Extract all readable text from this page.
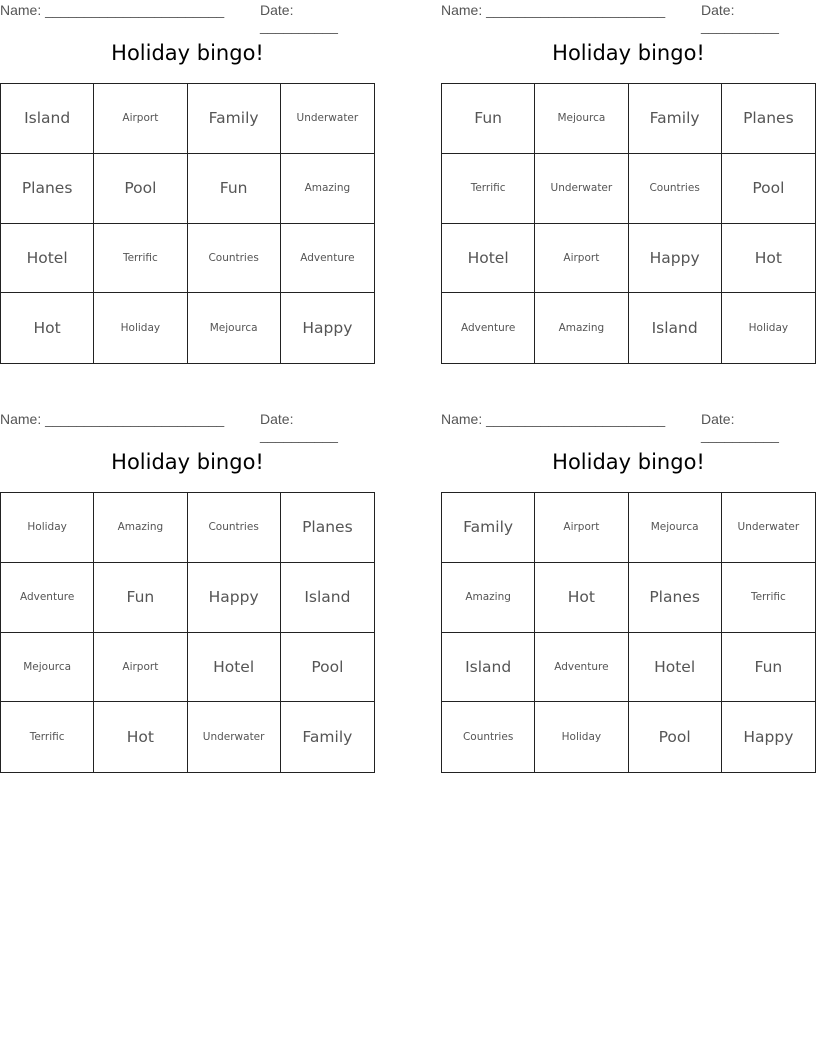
Name: _______________________	Date: __________
Holiday bingo!
Island	Airport	Family	Underwater
Planes	Pool	Fun	Amazing
Hotel	Terrific	Countries	Adventure
Hot	Holiday	Mejourca	Happy
Name: _______________________	Date: __________
Holiday bingo!
Fun	Mejourca	Family	Planes
Terrific	Underwater	Countries	Pool
Hotel	Airport	Happy	Hot
Adventure	Amazing	Island	Holiday
Name: _______________________	Date: __________
Holiday bingo!
Holiday	Amazing	Countries	Planes
Adventure	Fun	Happy	Island
Mejourca	Airport	Hotel	Pool
Terrific	Hot	Underwater	Family
Name: _______________________	Date: __________
Holiday bingo!
Family	Airport	Mejourca	Underwater
Amazing	Hot	Planes	Terrific
Island	Adventure	Hotel	Fun
Countries	Holiday	Pool	Happy
